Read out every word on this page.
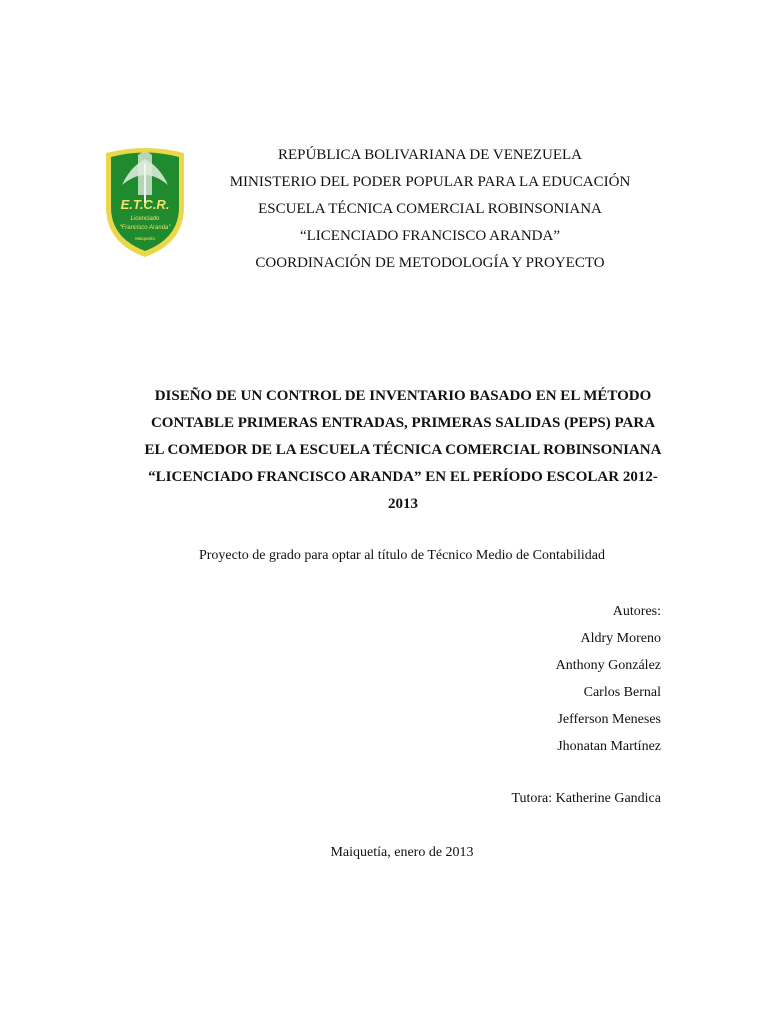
E.T.C.R.
Licenciado
“Francisco Aranda”
Maiquetía
REPÚBLICA BOLIVARIANA DE VENEZUELA
MINISTERIO DEL PODER POPULAR PARA LA EDUCACIÓN
ESCUELA TÉCNICA COMERCIAL ROBINSONIANA
“LICENCIADO FRANCISCO ARANDA”
COORDINACIÓN DE METODOLOGÍA Y PROYECTO
DISEÑO DE UN CONTROL DE INVENTARIO BASADO EN EL MÉTODO
CONTABLE PRIMERAS ENTRADAS, PRIMERAS SALIDAS (PEPS) PARA
EL COMEDOR DE LA ESCUELA TÉCNICA COMERCIAL ROBINSONIANA
“LICENCIADO FRANCISCO ARANDA” EN EL PERÍODO ESCOLAR 2012-
2013
Proyecto de grado para optar al título de Técnico Medio de Contabilidad
Autores:
Aldry Moreno
Anthony González
Carlos Bernal
Jefferson Meneses
Jhonatan Martínez
Tutora: Katherine Gandica
Maiquetía, enero de 2013
